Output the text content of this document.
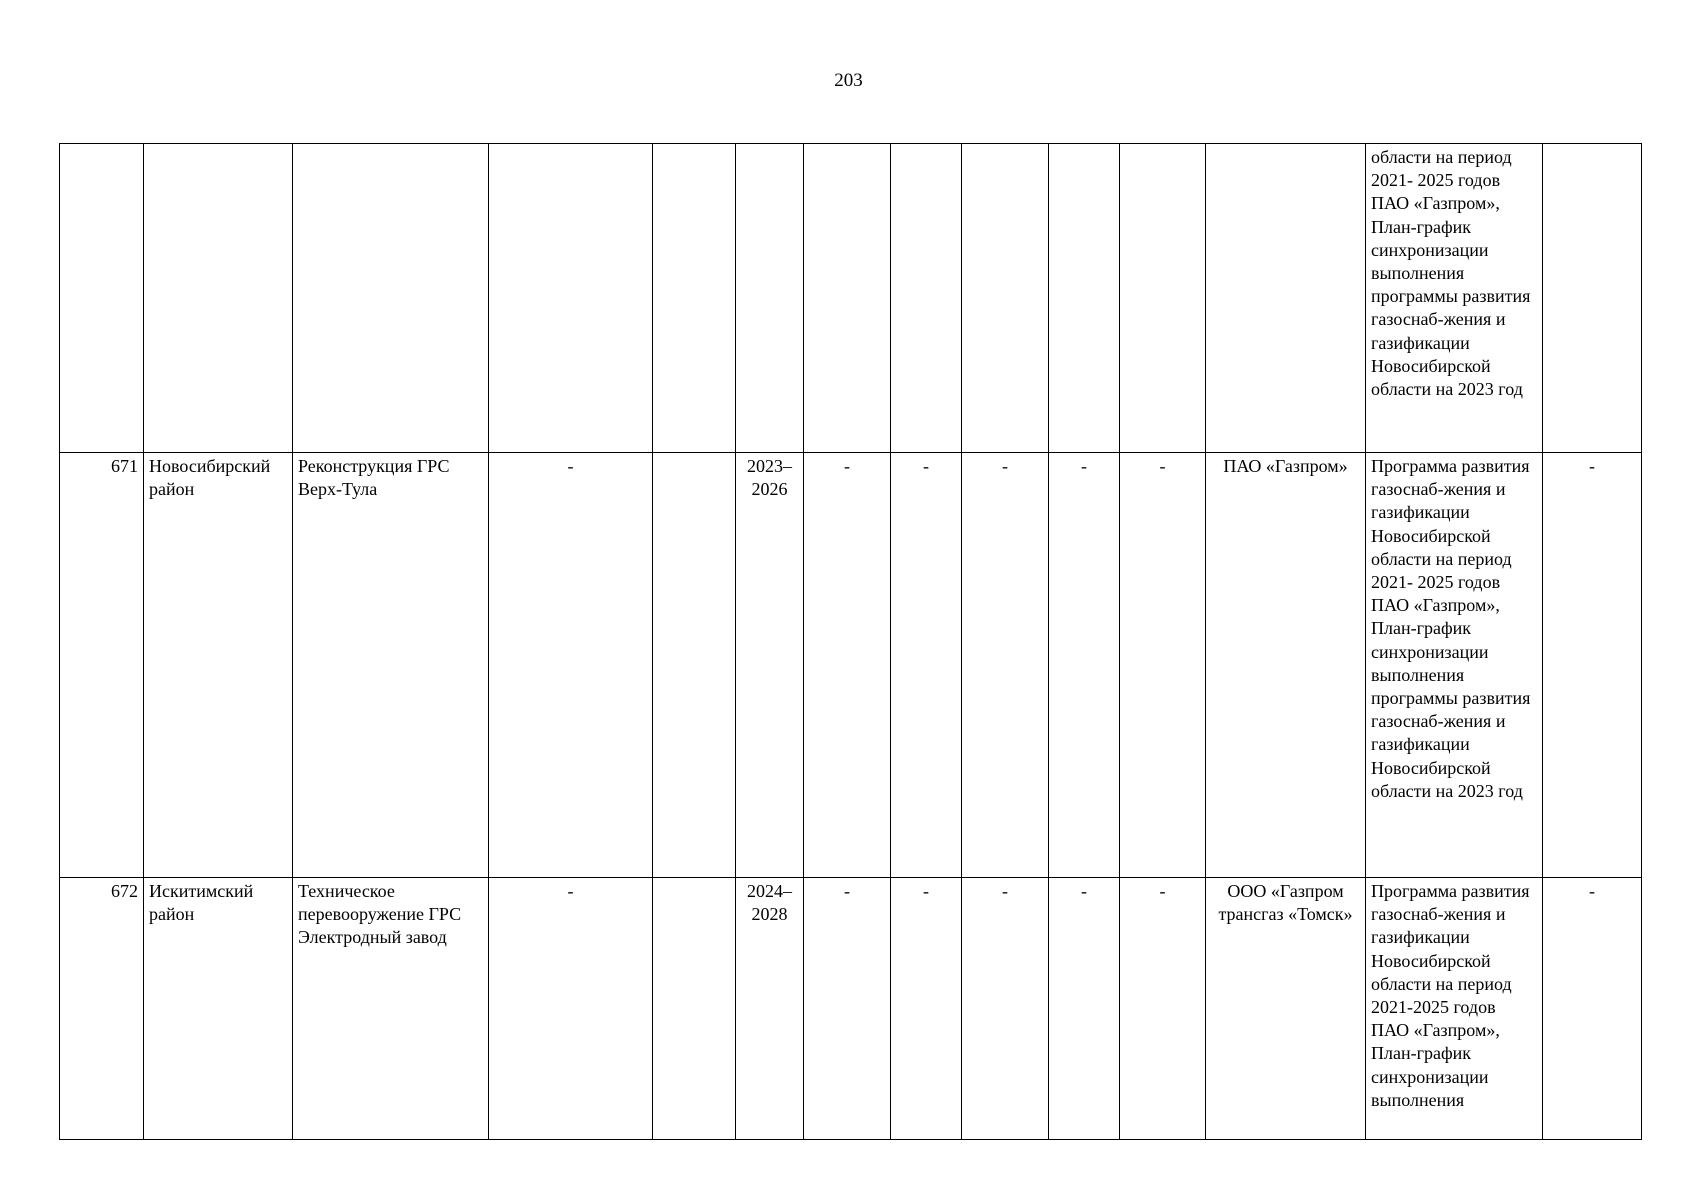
203
												области на период 2021- 2025 годов ПАО «Газпром», План-график синхронизации выполнения программы развития газоснаб-жения и газификации Новосибирской области на 2023 год	
671	Новосибирский район	Реконструкция ГРС Верх-Тула	-		2023–2026	-	-	-	-	-	ПАО «Газпром»	Программа развития газоснаб-жения и газификации Новосибирской области на период 2021- 2025 годов ПАО «Газпром», План-график синхронизации выполнения программы развития газоснаб-жения и газификации Новосибирской области на 2023 год	-
672	Искитимский район	Техническое перевооружение ГРС Электродный завод	-		2024–2028	-	-	-	-	-	ООО «Газпром трансгаз «Томск»	Программа развития газоснаб-жения и газификации Новосибирской области на период 2021-2025 годов ПАО «Газпром», План-график синхронизации выполнения	-
